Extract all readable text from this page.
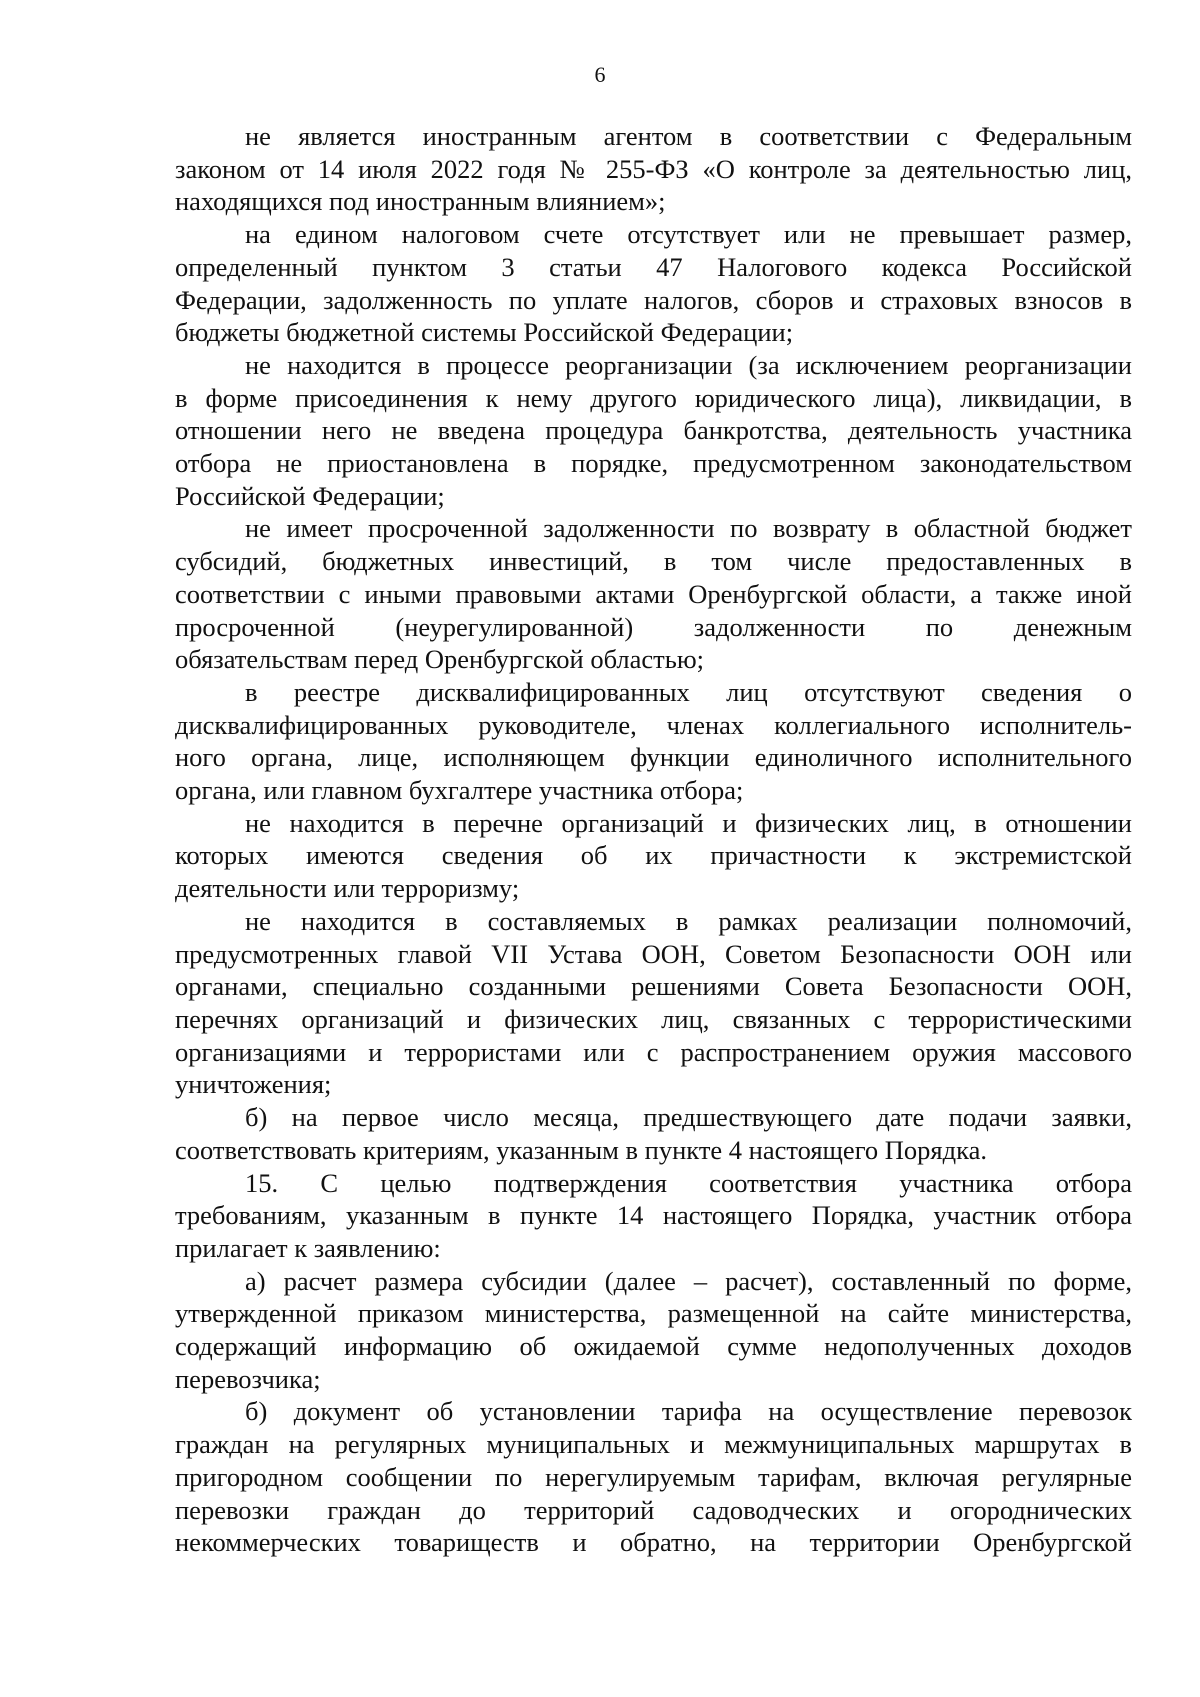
6
не является иностранным агентом в соответствии с Федеральным
законом от 14 июля 2022 годя № 255-ФЗ «О контроле за деятельностью лиц,
находящихся под иностранным влиянием»;
на едином налоговом счете отсутствует или не превышает размер,
определенный пунктом 3 статьи 47 Налогового кодекса Российской
Федерации, задолженность по уплате налогов, сборов и страховых взносов в
бюджеты бюджетной системы Российской Федерации;
не находится в процессе реорганизации (за исключением реорганизации
в форме присоединения к нему другого юридического лица), ликвидации, в
отношении него не введена процедура банкротства, деятельность участника
отбора не приостановлена в порядке, предусмотренном законодательством
Российской Федерации;
не имеет просроченной задолженности по возврату в областной бюджет
субсидий, бюджетных инвестиций, в том числе предоставленных в
соответствии с иными правовыми актами Оренбургской области, а также иной
просроченной (неурегулированной) задолженности по денежным
обязательствам перед Оренбургской областью;
в реестре дисквалифицированных лиц отсутствуют сведения о
дисквалифицированных руководителе, членах коллегиального исполнитель-
ного органа, лице, исполняющем функции единоличного исполнительного
органа, или главном бухгалтере участника отбора;
не находится в перечне организаций и физических лиц, в отношении
которых имеются сведения об их причастности к экстремистской
деятельности или терроризму;
не находится в составляемых в рамках реализации полномочий,
предусмотренных главой VII Устава ООН, Советом Безопасности ООН или
органами, специально созданными решениями Совета Безопасности ООН,
перечнях организаций и физических лиц, связанных с террористическими
организациями и террористами или с распространением оружия массового
уничтожения;
б) на первое число месяца, предшествующего дате подачи заявки,
соответствовать критериям, указанным в пункте 4 настоящего Порядка.
15. С целью подтверждения соответствия участника отбора
требованиям, указанным в пункте 14 настоящего Порядка, участник отбора
прилагает к заявлению:
а) расчет размера субсидии (далее – расчет), составленный по форме,
утвержденной приказом министерства, размещенной на сайте министерства,
содержащий информацию об ожидаемой сумме недополученных доходов
перевозчика;
б) документ об установлении тарифа на осуществление перевозок
граждан на регулярных муниципальных и межмуниципальных маршрутах в
пригородном сообщении по нерегулируемым тарифам, включая регулярные
перевозки граждан до территорий садоводческих и огороднических
некоммерческих товариществ и обратно, на территории Оренбургской
